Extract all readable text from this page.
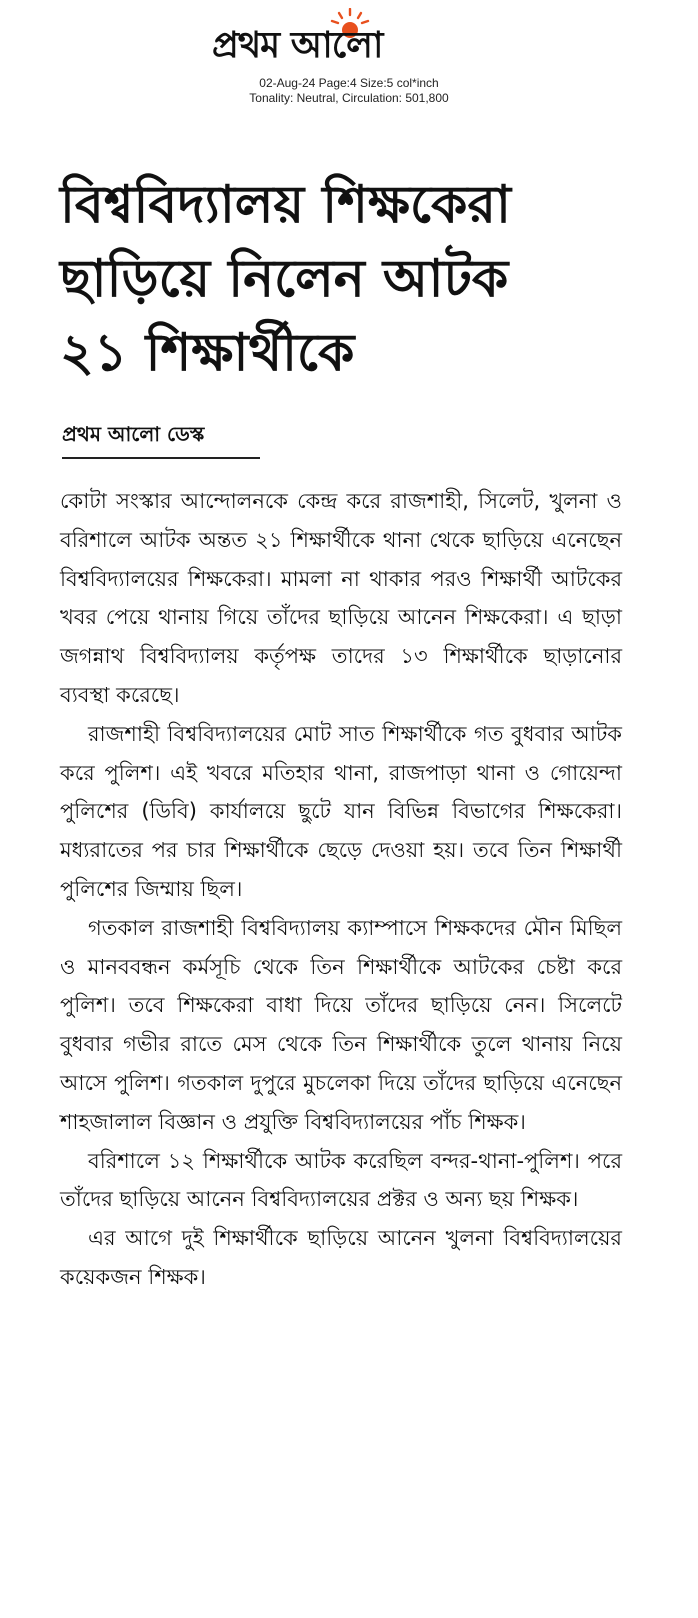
প্রথম আলো
02-Aug-24 Page:4 Size:5 col*inch
Tonality: Neutral, Circulation: 501,800
বিশ্ববিদ্যালয় শিক্ষকেরা
ছাড়িয়ে নিলেন আটক
২১ শিক্ষার্থীকে
প্রথম আলো ডেস্ক

কোটা সংস্কার আন্দোলনকে কেন্দ্র করে রাজশাহী, সিলেট, খুলনা ও বরিশালে আটক অন্তত ২১ শিক্ষার্থীকে থানা থেকে ছাড়িয়ে এনেছেন বিশ্ববিদ্যালয়ের শিক্ষকেরা। মামলা না থাকার পরও শিক্ষার্থী আটকের খবর পেয়ে থানায় গিয়ে তাঁদের ছাড়িয়ে আনেন শিক্ষকেরা। এ ছাড়া জগন্নাথ বিশ্ববিদ্যালয় কর্তৃপক্ষ তাদের ১৩ শিক্ষার্থীকে ছাড়ানোর ব্যবস্থা করেছে।

রাজশাহী বিশ্ববিদ্যালয়ের মোট সাত শিক্ষার্থীকে গত বুধবার আটক করে পুলিশ। এই খবরে মতিহার থানা, রাজপাড়া থানা ও গোয়েন্দা পুলিশের (ডিবি) কার্যালয়ে ছুটে যান বিভিন্ন বিভাগের শিক্ষকেরা। মধ্যরাতের পর চার শিক্ষার্থীকে ছেড়ে দেওয়া হয়। তবে তিন শিক্ষার্থী পুলিশের জিম্মায় ছিল।

গতকাল রাজশাহী বিশ্ববিদ্যালয় ক্যাম্পাসে শিক্ষকদের মৌন মিছিল ও মানববন্ধন কর্মসূচি থেকে তিন শিক্ষার্থীকে আটকের চেষ্টা করে পুলিশ। তবে শিক্ষকেরা বাধা দিয়ে তাঁদের ছাড়িয়ে নেন। সিলেটে বুধবার গভীর রাতে মেস থেকে তিন শিক্ষার্থীকে তুলে থানায় নিয়ে আসে পুলিশ। গতকাল দুপুরে মুচলেকা দিয়ে তাঁদের ছাড়িয়ে এনেছেন শাহজালাল বিজ্ঞান ও প্রযুক্তি বিশ্ববিদ্যালয়ের পাঁচ শিক্ষক।

বরিশালে ১২ শিক্ষার্থীকে আটক করেছিল বন্দর-থানা-পুলিশ। পরে তাঁদের ছাড়িয়ে আনেন বিশ্ববিদ্যালয়ের প্রক্টর ও অন্য ছয় শিক্ষক।

এর আগে দুই শিক্ষার্থীকে ছাড়িয়ে আনেন খুলনা বিশ্ববিদ্যালয়ের কয়েকজন শিক্ষক।
